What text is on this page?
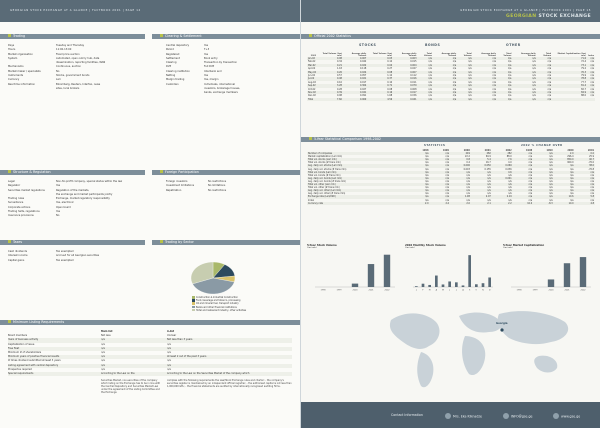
GEORGIAN STOCK EXCHANGE AT A GLANCE | FACTBOOK 2001 | PAGE 14
Trading
Days	Tuesday and Thursday
Hours	11:00-13:00
Market organisation	Fixed price auction
System	Automated, open outcry hub, data
dissemination, reporting facilities, WAN
Mechanisms	Continuous, auction
Market maker / specialists	No
Instruments	Stocks, government bonds
Currency	Lari
Real time information	Bloomberg, Reuters, Interfax, news
sites, local brokers
Clearing & Settlement
Central depository	Yes
Period	T+3
Registered	Yes
Settlement	Book entry
Clearing	Transaction by transaction
DVP	Full DVP
Clearing institution	Interbank and
Netting	Yes
Margin trading	Yes, margin
Custodian	Individuals, international
investors, brokerage houses,
banks, exchange members
Structure & Regulation
Legal	Non-for-profit company, special status within the law
Regulator	Yes
Securities market regulations	Regulation of the markets,
the exchange and market participants jointly
Trading rules	Exchange, market regulatory responsibility
Surveillance	Yes, electronic
Corporate actions	Open board
Trading halts, regulations	Yes
Insurance provisions	No
Foreign Participation
Foreign investors	No restrictions
Investment limitations	No limitations
Repatriation	No restrictions
Taxes
Cash dividends	Tax exempted
Interest income	Accrued for all Georgian securities
Capital gains	Tax exempted
Trading by Sector
Construction & Industrial Construction
Food, beverage and tobacco, processing
Oil and mineral fuel, transport industry
Banks and other financial institutions
Hotel and restaurant industry, other activities
Minimum Listing Requirements
Main list	A-list
Board members	Not less	Unclear
Years of business activity	n/a	Not less than 3 years
Capitalization of issue	n/a	n/a
Free float	n/a	n/a
Minimum # of shareholders	n/a	n/a
Minimum years of positive financial results	n/a	At least 2 out of the past 3 years
# times dividend submitted at least 3 years	n/a	n/a
Listing agreement with central depository	n/a	n/a
Prospectus required	n/a	n/a
Special requirements	According to the Law on the	According to the Law on the Securities Market of the company which
Securities Market, non-securities of the company which listing on the Exchange has to be in line with the Central Depository and Securities Market Law under the agreement of the Listing Committee and the Exchange
complies with the following requirements the Law/Stock Exchange rules and charter: - the company's securities register is maintained by an independent official registrar; - the authorised capital is not less than 1,000,000 GEL; - the financial statements are audited by internationally recognised auditing firms.
GEORGIAN STOCK EXCHANGE AT A GLANCE | FACTBOOK 2001 | PAGE 15
GEORGIAN STOCK EXCHANGE
Official 2002 Statistics
STOCKS	BONDS	OTHER
2002	Total Volume (Lari mln)	Average daily Volume	Total Volume (Lari mln)	Average daily Volume	Total Volume	Average daily Volume	Total Volume	Average daily Volume	Total Volume	Average daily Volume	Total Volume	Market Capitalization (Lari mln)	Index
Jan-02	0.08	0.007	0.03	0.003	n/a	n/a	n/a	n/a	n/a	n/a	n/a	71.6	n/a
Feb-02	0.34	0.042	0.12	0.015	n/a	n/a	n/a	n/a	n/a	n/a	n/a	72.4	n/a
Mar-02	0.21	0.022	0.04	0.004	n/a	n/a	n/a	n/a	n/a	n/a	n/a	73.1	n/a
Apr-02	1.18	0.118	0.27	0.027	n/a	n/a	n/a	n/a	n/a	n/a	n/a	79.2	n/a
May-02	0.26	0.024	0.08	0.007	n/a	n/a	n/a	n/a	n/a	n/a	n/a	76.3	n/a
Jun-02	0.57	0.057	1.12	0.112	n/a	n/a	n/a	n/a	n/a	n/a	n/a	79.9	n/a
Jul-02	0.48	0.021	0.37	0.016	n/a	n/a	n/a	n/a	n/a	n/a	n/a	78.8	n/a
Aug-02	0.16	0.017	0.10	0.011	n/a	n/a	n/a	n/a	n/a	n/a	n/a	77.7	n/a
Sep-02	3.28	0.364	0.71	0.079	n/a	n/a	n/a	n/a	n/a	n/a	n/a	81.4	n/a
Oct-02	0.28	0.027	0.08	0.008	n/a	n/a	n/a	n/a	n/a	n/a	n/a	82.7	n/a
Nov-02	0.39	0.041	0.16	0.017	n/a	n/a	n/a	n/a	n/a	n/a	n/a	84.9	n/a
Dec-02	0.98	0.091	1.68	0.156	n/a	n/a	n/a	n/a	n/a	n/a	n/a	88.0	n/a
Total	7.60	0.069	4.56	0.041	n/a	n/a	n/a	n/a	n/a	n/a	n/a		
5-Year Statistical Comparison 1998-2002
STATISTICS	2002 % CHANGE OVER
	1998	1999	2000	2001	2002	1998	1999	2000	2001
Number of companies	n/a	n/a	249	282	282	n/a	n/a	2.0	0.0
Market capitalization (Lari mln)	n/a	n/a	22.2	69.9	88.0	n/a	n/a	296.4	25.9
Total vol. stocks (Lari mln)	n/a	n/a	0.8	5.4	7.6	n/a	n/a	850.0	40.7
Total vol. stocks (# trans mln)	n/a	n/a	0.4	16.7	4.0	n/a	n/a	900.0	-76.0
Avg. daily vol. stocks (Lari mln)	n/a	n/a	0.006	0.050	0.069	n/a	n/a	n/a	38.0
Avg. daily vol. stocks (# trans mln)	n/a	n/a	0.003	0.155	0.036	n/a	n/a	n/a	-76.8
Total vol. bonds (Lari mln)	n/a	n/a	n/a	n/a	4.6	n/a	n/a	n/a	n/a
Total vol. bonds (# trans mln)	n/a	n/a	n/a	n/a	n/a	n/a	n/a	n/a	n/a
Avg. daily vol. bonds (Lari mln)	n/a	n/a	n/a	n/a	0.041	n/a	n/a	n/a	n/a
Avg. daily vol. bonds (# trans mln)	n/a	n/a	n/a	n/a	n/a	n/a	n/a	n/a	n/a
Total vol. other (Lari mln)	n/a	n/a	n/a	n/a	n/a	n/a	n/a	n/a	n/a
Total vol. other (# trans mln)	n/a	n/a	n/a	n/a	n/a	n/a	n/a	n/a	n/a
Avg. daily vol. other (Lari mln)	n/a	n/a	n/a	n/a	n/a	n/a	n/a	n/a	n/a
Avg. daily vol. other (# trans mln)	n/a	n/a	n/a	n/a	n/a	n/a	n/a	n/a	n/a
Exchange rate (Lari/USD)	n/a	n/a	1.98	2.07	2.19	n/a	n/a	10.6	5.8
Index	n/a	n/a	n/a	n/a	n/a	n/a	n/a	n/a	n/a
Currency rate	2.0	2.4	2.0	2.1	2.2	10.0	-8.3	10.0	4.8
5-Year Stock Volume
(Lari mln)
1998	1999	2000	2001	2002
2002 Monthly Stock Volume
(Lari mln)
J	F	M	A	M	J	J	A	S	O	N	D
5-Year Market Capitalization
(Lari mln)
1998	1999	2000	2001	2002
Georgia
Contact Information	Mrs. Eka Kiknadze	INFO@gse.ge	www.gse.ge
